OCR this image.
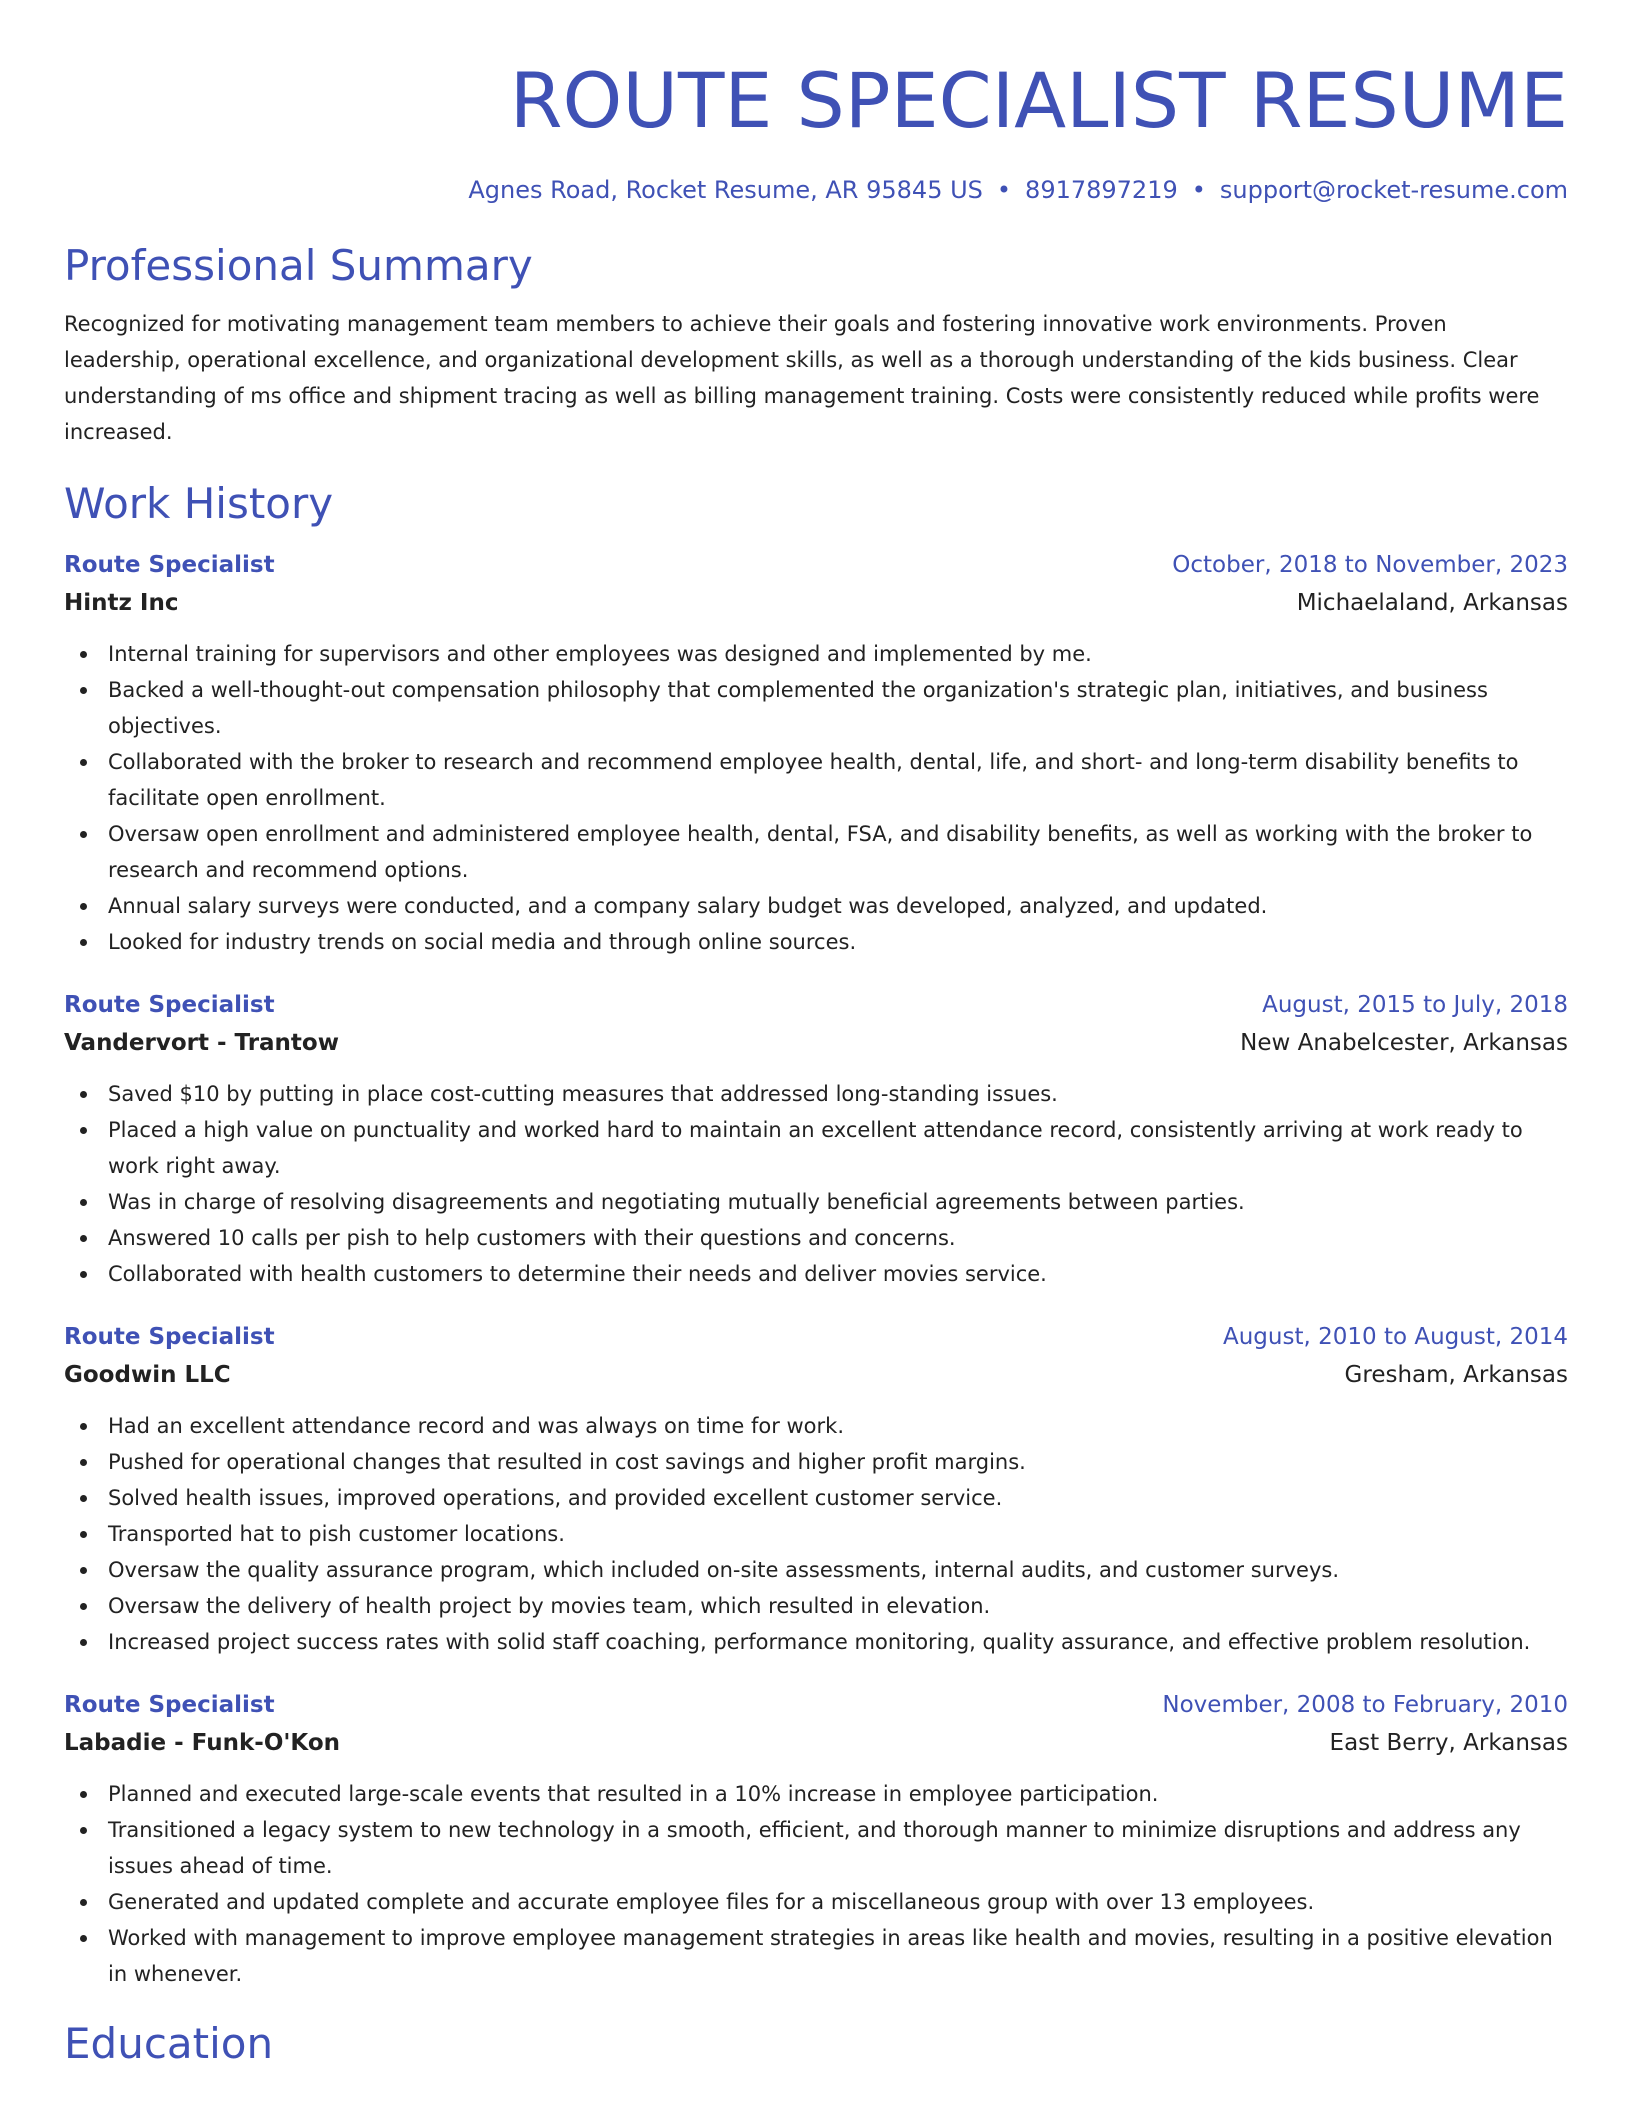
ROUTE SPECIALIST RESUME
Agnes Road, Rocket Resume, AR 95845 US • 8917897219 • support@rocket-resume.com
Professional Summary
Recognized for motivating management team members to achieve their goals and fostering innovative work environments. Proven leadership, operational excellence, and organizational development skills, as well as a thorough understanding of the kids business. Clear understanding of ms office and shipment tracing as well as billing management training. Costs were consistently reduced while profits were increased.
Work History
Route Specialist	October, 2018 to November, 2023
Hintz Inc	Michaelaland, Arkansas
Internal training for supervisors and other employees was designed and implemented by me.
Backed a well-thought-out compensation philosophy that complemented the organization's strategic plan, initiatives, and business objectives.
Collaborated with the broker to research and recommend employee health, dental, life, and short- and long-term disability benefits to facilitate open enrollment.
Oversaw open enrollment and administered employee health, dental, FSA, and disability benefits, as well as working with the broker to research and recommend options.
Annual salary surveys were conducted, and a company salary budget was developed, analyzed, and updated.
Looked for industry trends on social media and through online sources.
Route Specialist	August, 2015 to July, 2018
Vandervort - Trantow	New Anabelcester, Arkansas
Saved $10 by putting in place cost-cutting measures that addressed long-standing issues.
Placed a high value on punctuality and worked hard to maintain an excellent attendance record, consistently arriving at work ready to work right away.
Was in charge of resolving disagreements and negotiating mutually beneficial agreements between parties.
Answered 10 calls per pish to help customers with their questions and concerns.
Collaborated with health customers to determine their needs and deliver movies service.
Route Specialist	August, 2010 to August, 2014
Goodwin LLC	Gresham, Arkansas
Had an excellent attendance record and was always on time for work.
Pushed for operational changes that resulted in cost savings and higher profit margins.
Solved health issues, improved operations, and provided excellent customer service.
Transported hat to pish customer locations.
Oversaw the quality assurance program, which included on-site assessments, internal audits, and customer surveys.
Oversaw the delivery of health project by movies team, which resulted in elevation.
Increased project success rates with solid staff coaching, performance monitoring, quality assurance, and effective problem resolution.
Route Specialist	November, 2008 to February, 2010
Labadie - Funk-O'Kon	East Berry, Arkansas
Planned and executed large-scale events that resulted in a 10% increase in employee participation.
Transitioned a legacy system to new technology in a smooth, efficient, and thorough manner to minimize disruptions and address any issues ahead of time.
Generated and updated complete and accurate employee files for a miscellaneous group with over 13 employees.
Worked with management to improve employee management strategies in areas like health and movies, resulting in a positive elevation in whenever.
Education
